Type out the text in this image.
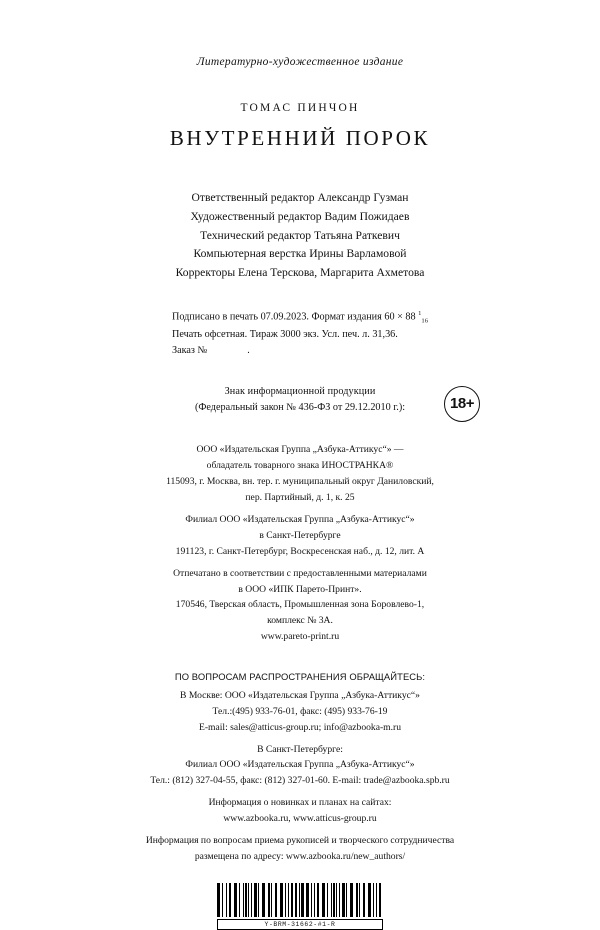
Литературно-художественное издание
ТОМАС ПИНЧОН
ВНУТРЕННИЙ ПОРОК
Ответственный редактор Александр Гузман
Художественный редактор Вадим Пожидаев
Технический редактор Татьяна Раткевич
Компьютерная верстка Ирины Варламовой
Корректоры Елена Терскова, Маргарита Ахметова
Подписано в печать 07.09.2023. Формат издания 60 × 88 $^1_{16}$
Печать офсетная. Тираж 3000 экз. Усл. печ. л. 31,36.
Заказ №	.
Знак информационной продукции
(Федеральный закон № 436-ФЗ от 29.12.2010 г.):	18+
ООО «Издательская Группа „Азбука-Аттикус“» —
обладатель товарного знака ИНОСТРАНКА®
115093, г. Москва, вн. тер. г. муниципальный округ Даниловский,
пер. Партийный, д. 1, к. 25
Филиал ООО «Издательская Группа „Азбука-Аттикус“»
в Санкт-Петербурге
191123, г. Санкт-Петербург, Воскресенская наб., д. 12, лит. А
Отпечатано в соответствии с предоставленными материалами
в ООО «ИПК Парето-Принт».
170546, Тверская область, Промышленная зона Боровлево-1,
комплекс № 3А.
www.pareto-print.ru
ПО ВОПРОСАМ РАСПРОСТРАНЕНИЯ ОБРАЩАЙТЕСЬ:
В Москве: ООО «Издательская Группа „Азбука-Аттикус“»
Тел.:(495) 933-76-01, факс: (495) 933-76-19
E-mail: sales@atticus-group.ru; info@azbooka-m.ru
В Санкт-Петербурге:
Филиал ООО «Издательская Группа „Азбука-Аттикус“»
Тел.: (812) 327-04-55, факс: (812) 327-01-60. E-mail: trade@azbooka.spb.ru
Информация о новинках и планах на сайтах:
www.azbooka.ru, www.atticus-group.ru
Информация по вопросам приема рукописей и творческого сотрудничества
размещена по адресу: www.azbooka.ru/new_authors/
Y-BRM-31662-#1-R
